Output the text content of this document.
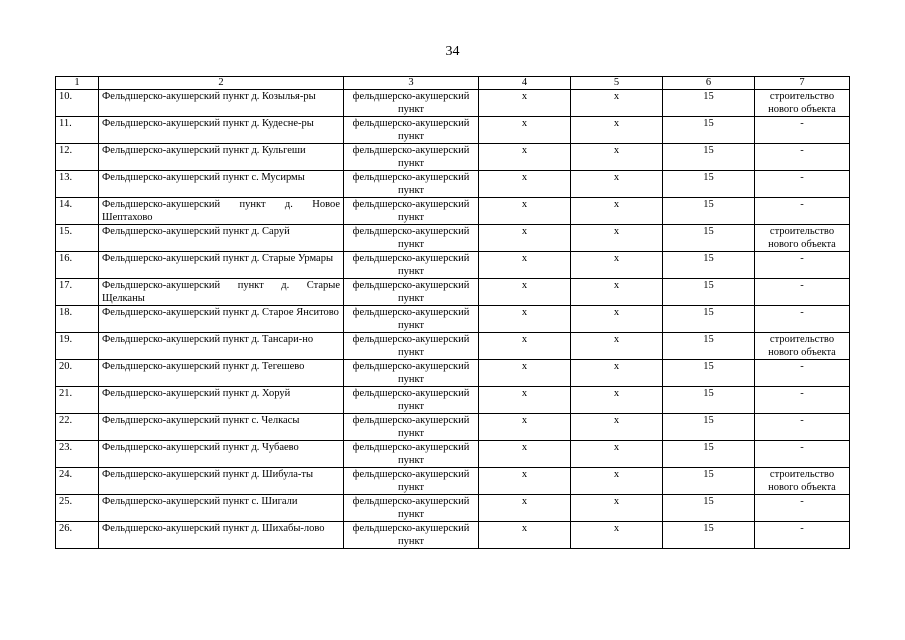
34
1	2	3	4	5	6	7
10.	Фельдшерско-акушерский пункт д. Козылья-ры	фельдшерско-акушерский пункт	х	х	15	строительство нового объекта
11.	Фельдшерско-акушерский пункт д. Кудесне-ры	фельдшерско-акушерский пункт	х	х	15	-
12.	Фельдшерско-акушерский пункт д. Кульгеши	фельдшерско-акушерский пункт	х	х	15	-
13.	Фельдшерско-акушерский пункт с. Мусирмы	фельдшерско-акушерский пункт	х	х	15	-
14.	Фельдшерско-акушерский пункт д. Новое Шептахово	фельдшерско-акушерский пункт	х	х	15	-
15.	Фельдшерско-акушерский пункт д. Саруй	фельдшерско-акушерский пункт	х	х	15	строительство нового объекта
16.	Фельдшерско-акушерский пункт д. Старые Урмары	фельдшерско-акушерский пункт	х	х	15	-
17.	Фельдшерско-акушерский пункт д. Старые Щелканы	фельдшерско-акушерский пункт	х	х	15	-
18.	Фельдшерско-акушерский пункт д. Старое Янситово	фельдшерско-акушерский пункт	х	х	15	-
19.	Фельдшерско-акушерский пункт д. Тансари-но	фельдшерско-акушерский пункт	х	х	15	строительство нового объекта
20.	Фельдшерско-акушерский пункт д. Тегешево	фельдшерско-акушерский пункт	х	х	15	-
21.	Фельдшерско-акушерский пункт д. Хоруй	фельдшерско-акушерский пункт	х	х	15	-
22.	Фельдшерско-акушерский пункт с. Челкасы	фельдшерско-акушерский пункт	х	х	15	-
23.	Фельдшерско-акушерский пункт д. Чубаево	фельдшерско-акушерский пункт	х	х	15	-
24.	Фельдшерско-акушерский пункт д. Шибула-ты	фельдшерско-акушерский пункт	х	х	15	строительство нового объекта
25.	Фельдшерско-акушерский пункт с. Шигали	фельдшерско-акушерский пункт	х	х	15	-
26.	Фельдшерско-акушерский пункт д. Шихабы-лово	фельдшерско-акушерский пункт	х	х	15	-
